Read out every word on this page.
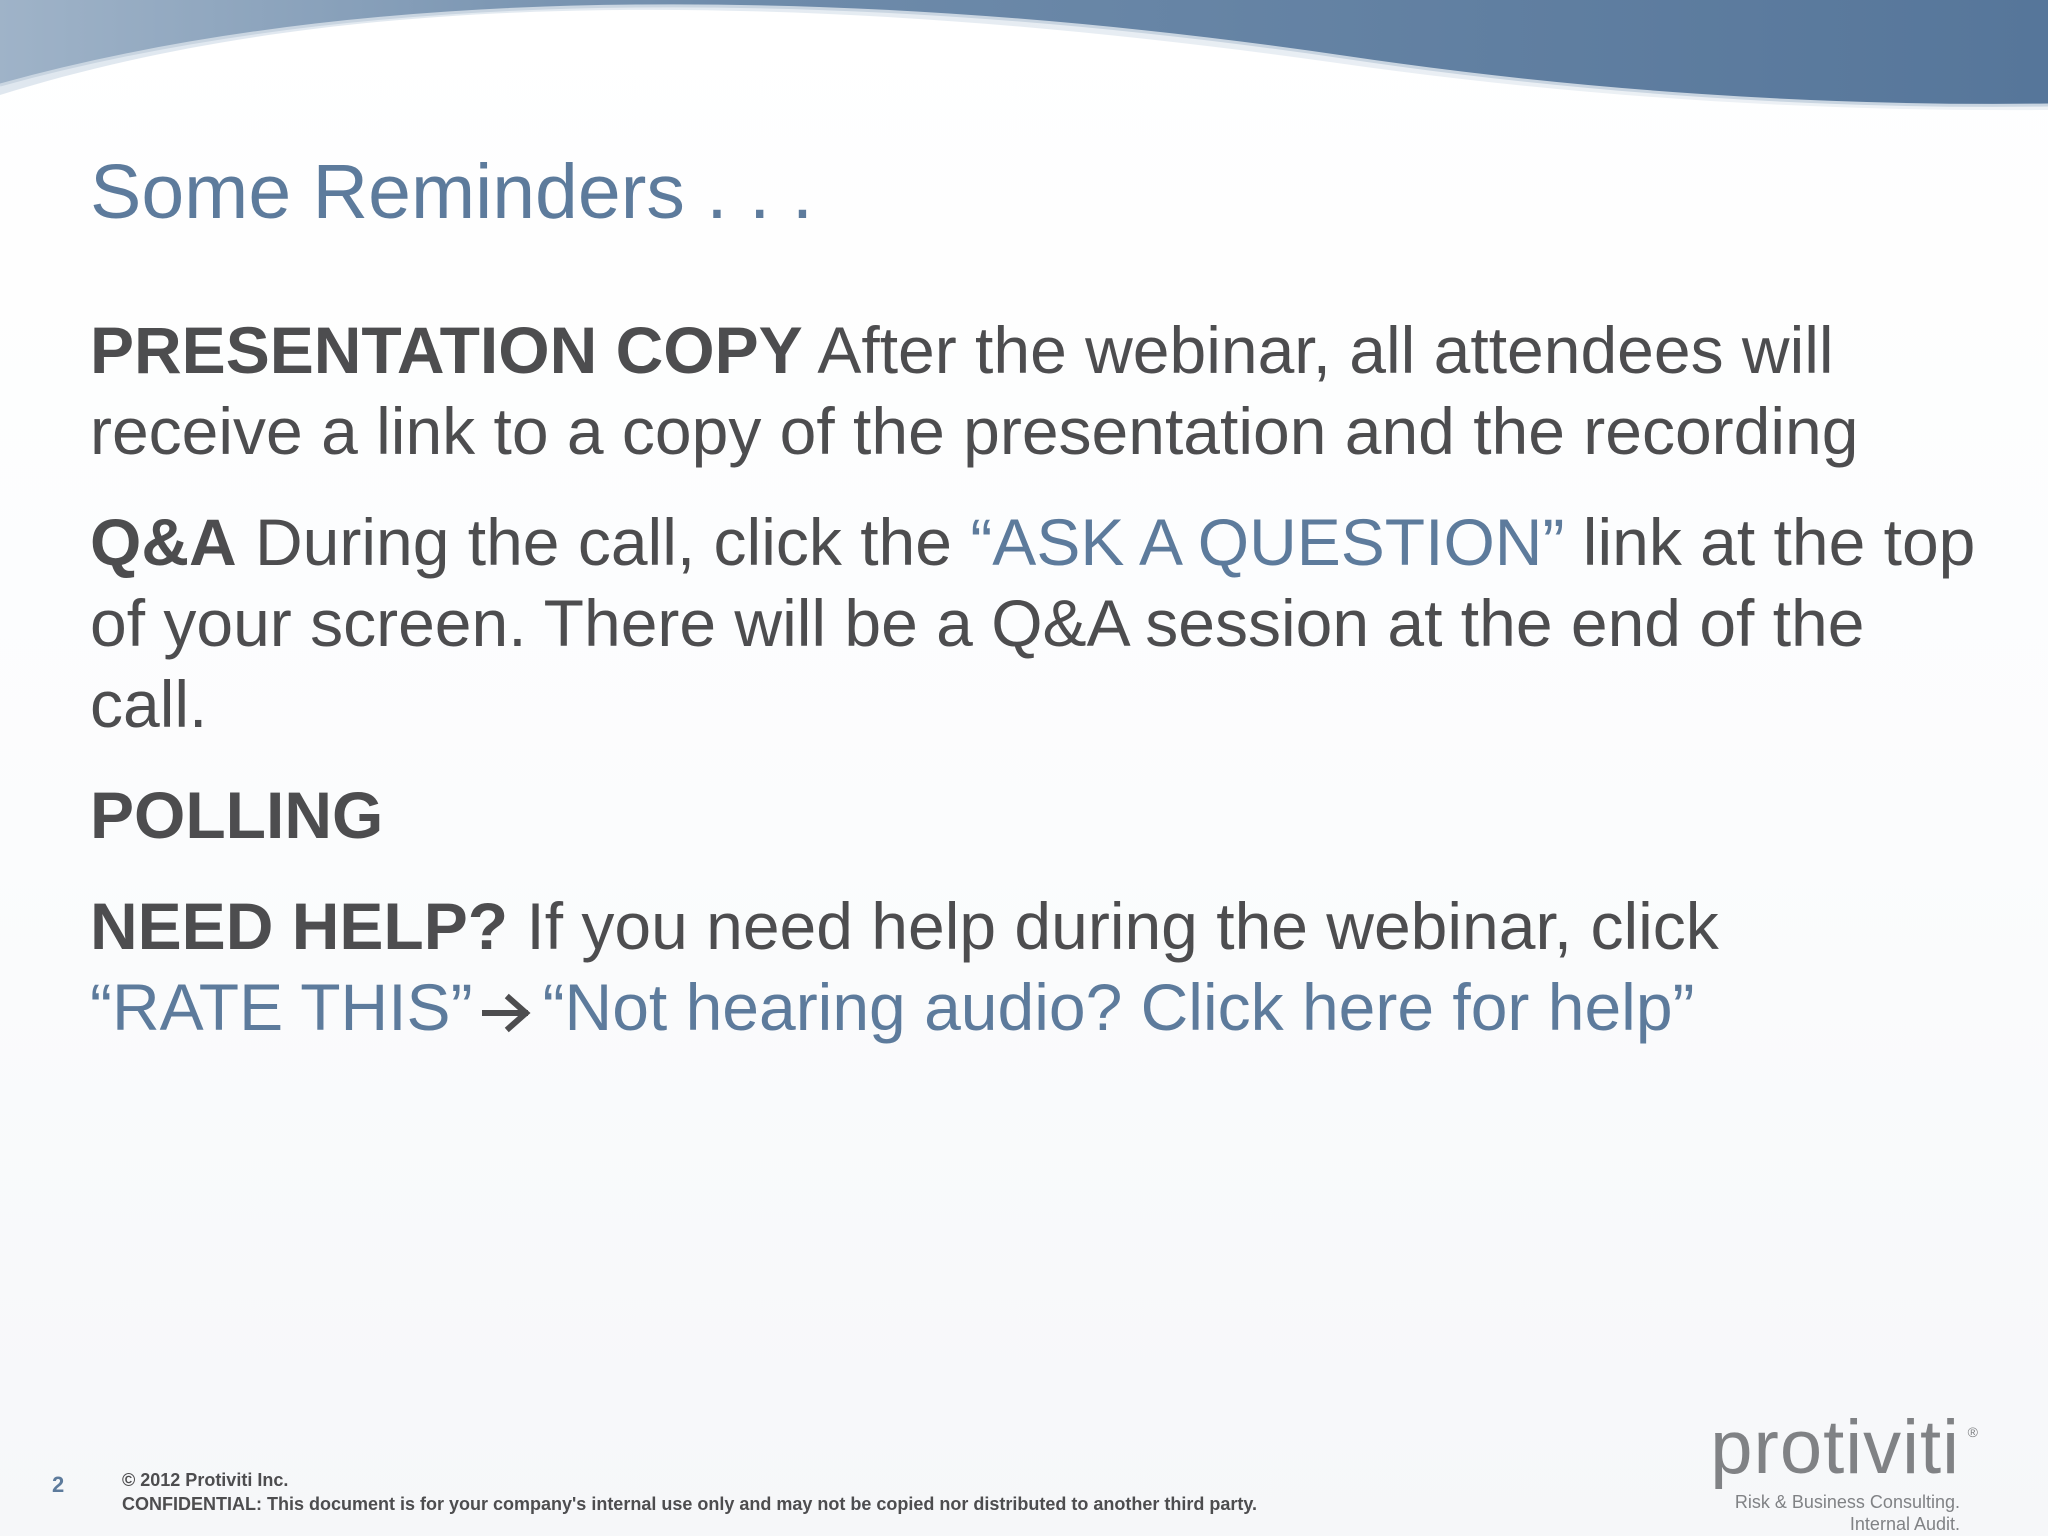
Some Reminders . . .

PRESENTATION COPY After the webinar, all attendees will receive a link to a copy of the presentation and the recording

Q&A During the call, click the “ASK A QUESTION” link at the top of your screen. There will be a Q&A session at the end of the call.

POLLING

NEED HELP? If you need help during the webinar, click
“RATE THIS” “Not hearing audio? Click here for help”

2	© 2012 Protiviti Inc.
CONFIDENTIAL: This document is for your company's internal use only and may not be copied nor distributed to another third party.
protiviti ®
Risk & Business Consulting.
Internal Audit.
